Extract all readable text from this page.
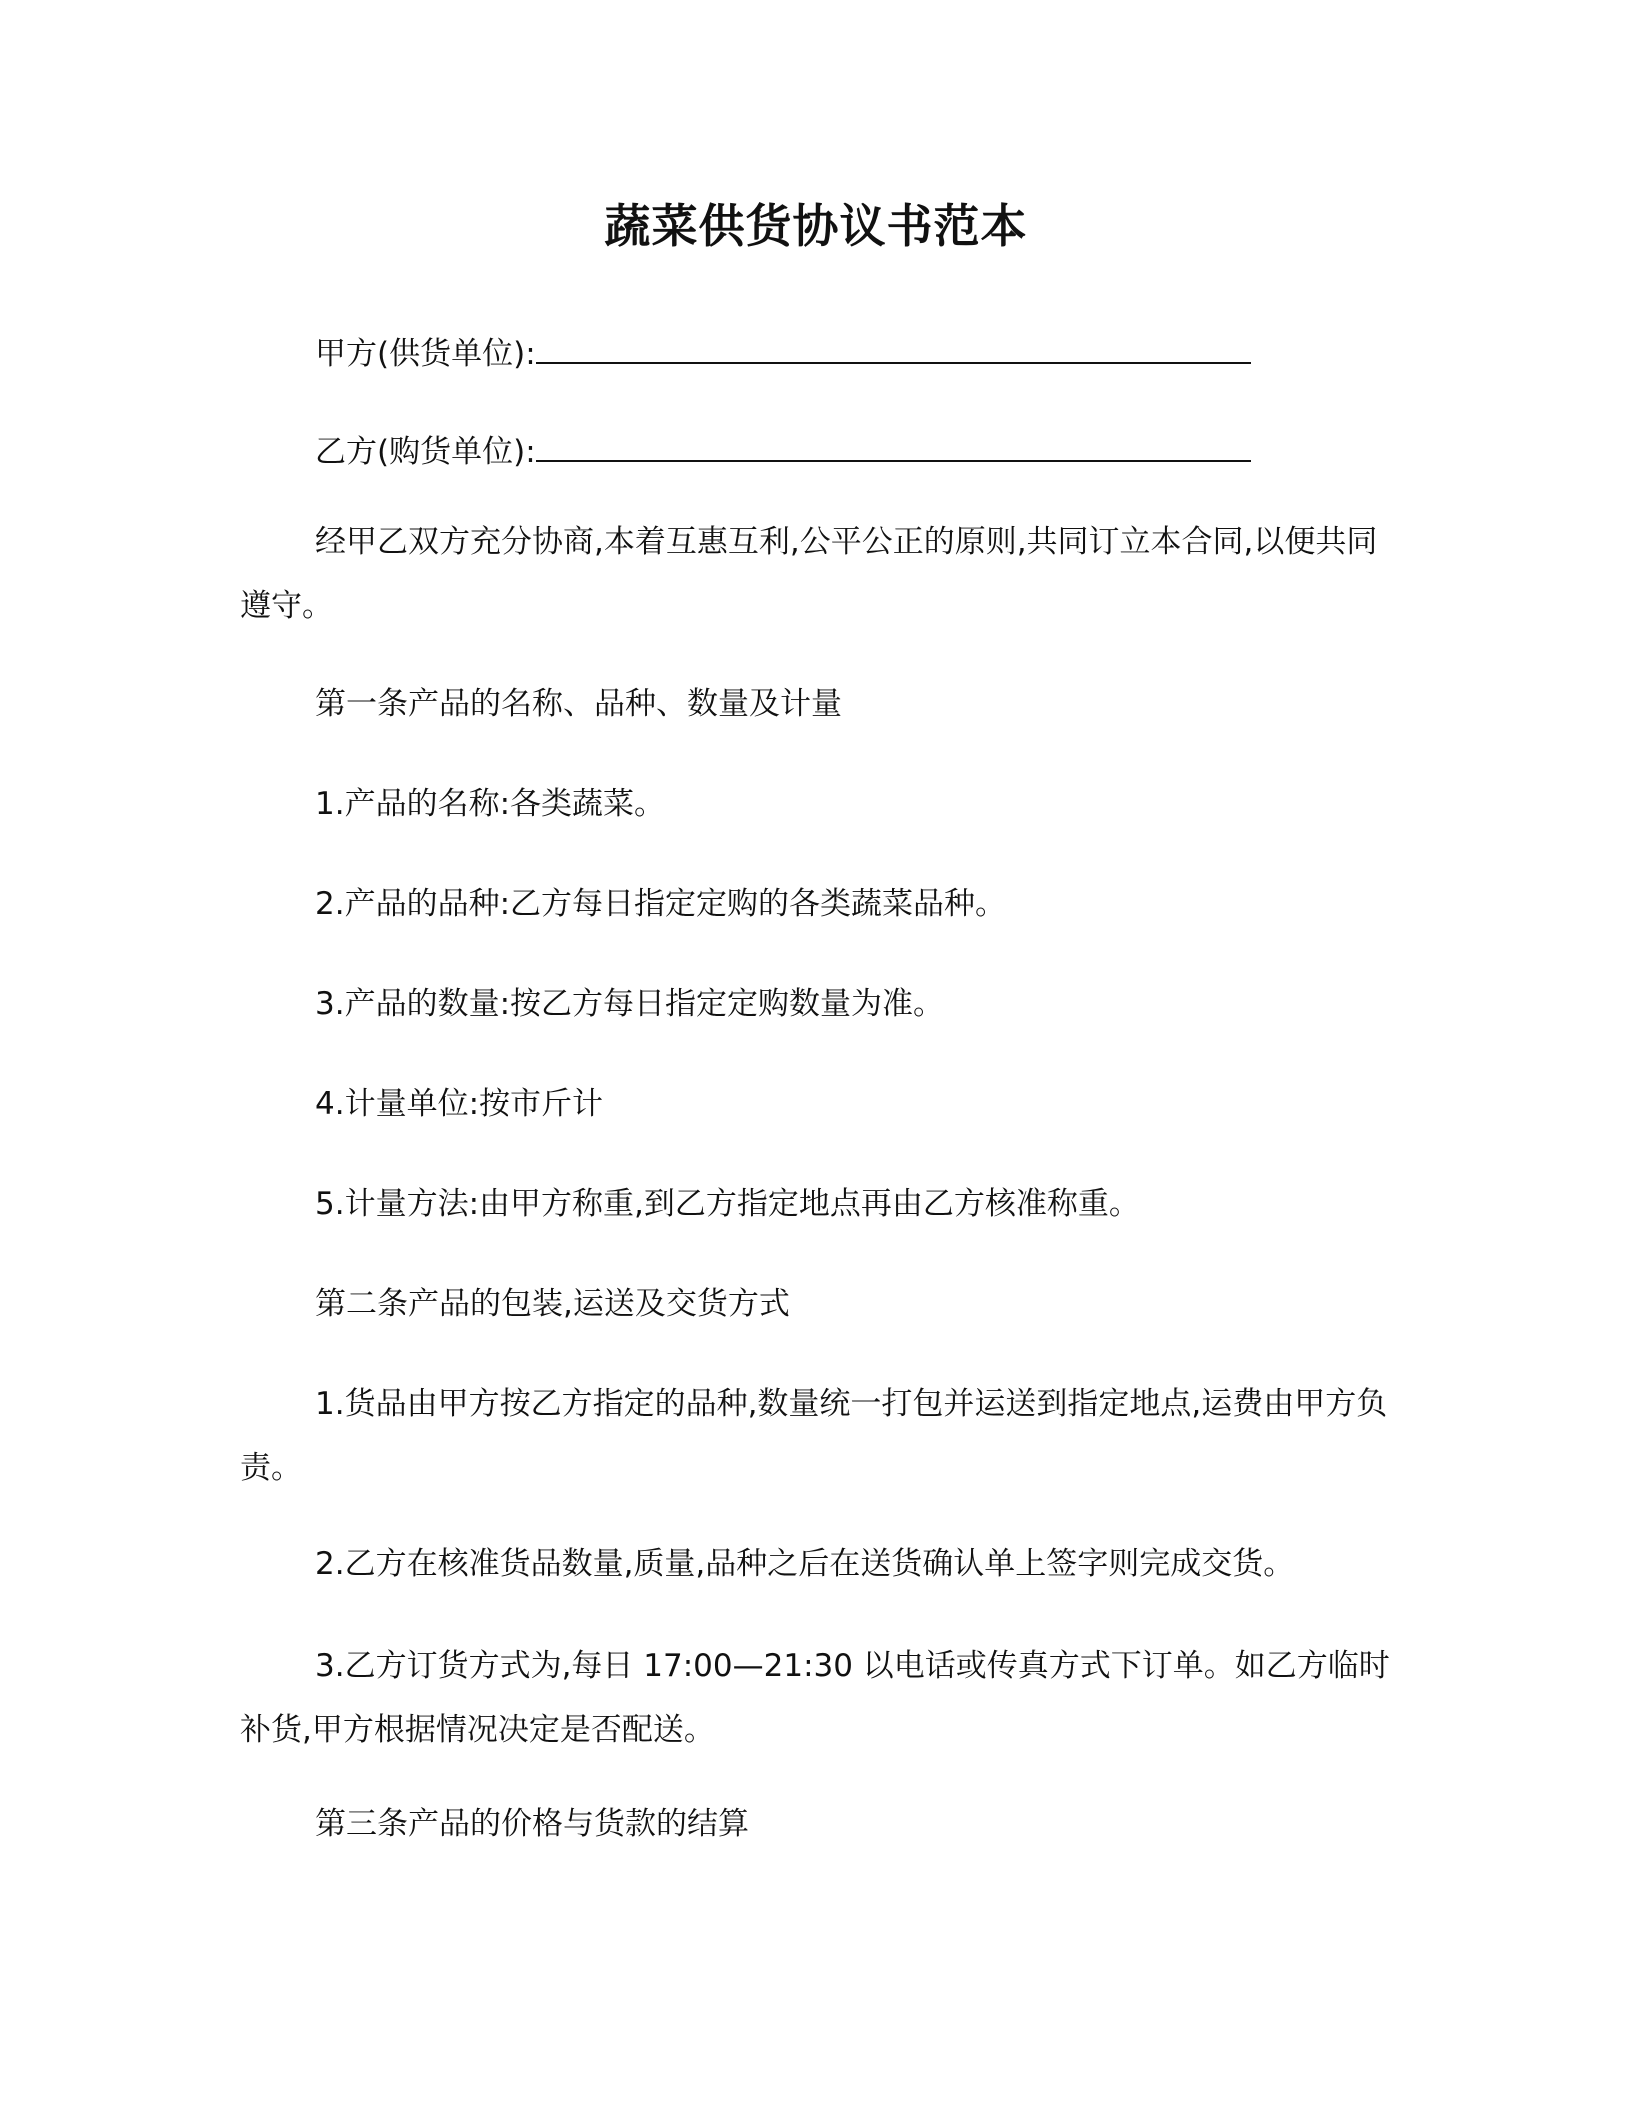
蔬菜供货协议书范本
甲方(供货单位):
乙方(购货单位):
经甲乙双方充分协商,本着互惠互利,公平公正的原则,共同订立本合同,以便共同遵守。
第一条产品的名称、品种、数量及计量
1.产品的名称:各类蔬菜。
2.产品的品种:乙方每日指定定购的各类蔬菜品种。
3.产品的数量:按乙方每日指定定购数量为准。
4.计量单位:按市斤计
5.计量方法:由甲方称重,到乙方指定地点再由乙方核准称重。
第二条产品的包装,运送及交货方式
1.货品由甲方按乙方指定的品种,数量统一打包并运送到指定地点,运费由甲方负责。
2.乙方在核准货品数量,质量,品种之后在送货确认单上签字则完成交货。
3.乙方订货方式为,每日 17:00—21:30 以电话或传真方式下订单。如乙方临时补货,甲方根据情况决定是否配送。
第三条产品的价格与货款的结算
